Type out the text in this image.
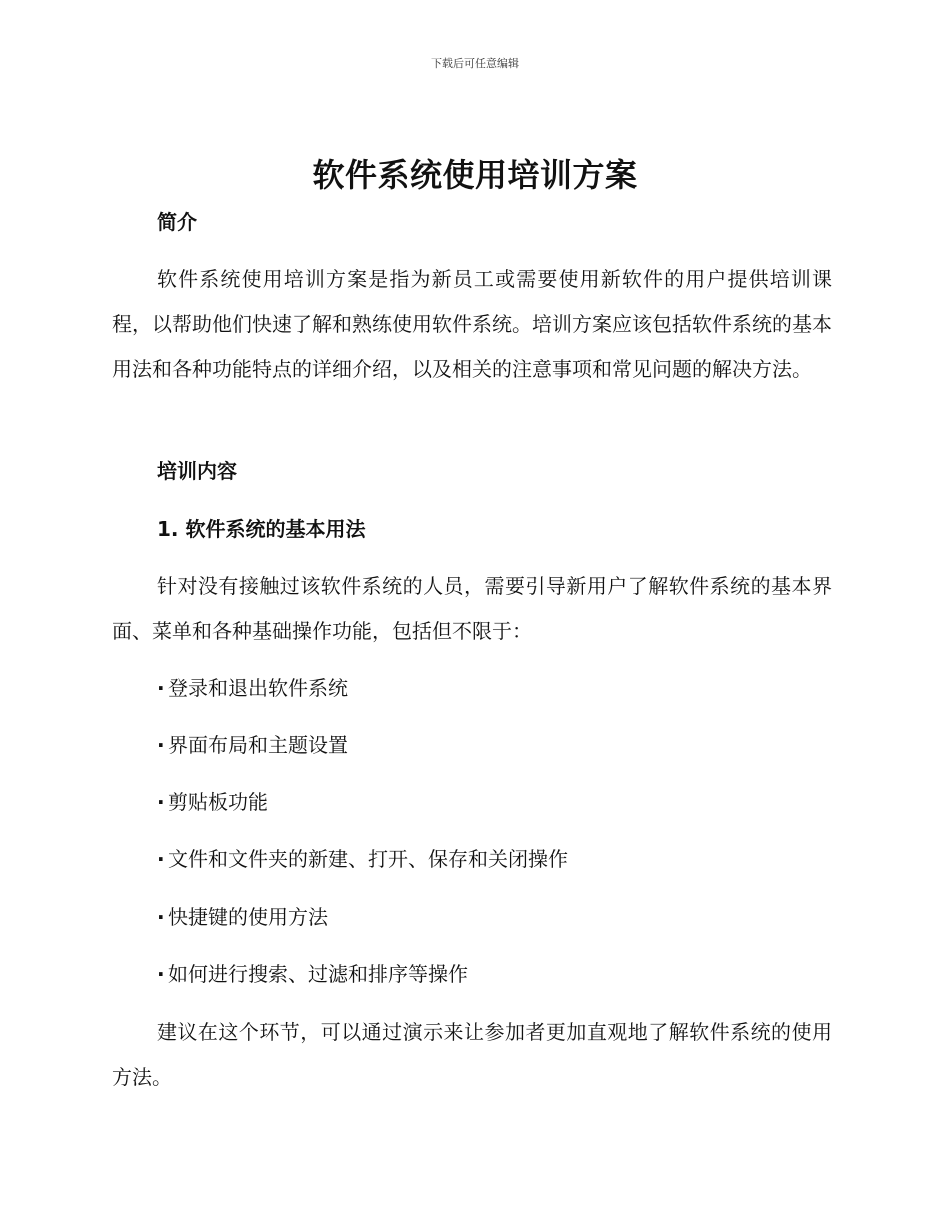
下载后可任意编辑
软件系统使用培训方案
简介

软件系统使用培训方案是指为新员工或需要使用新软件的用户提供培训课程，以帮助他们快速了解和熟练使用软件系统。培训方案应该包括软件系统的基本用法和各种功能特点的详细介绍，以及相关的注意事项和常见问题的解决方法。

培训内容
1. 软件系统的基本用法

针对没有接触过该软件系统的人员，需要引导新用户了解软件系统的基本界面、菜单和各种基础操作功能，包括但不限于：

· 登录和退出软件系统
· 界面布局和主题设置
· 剪贴板功能
· 文件和文件夹的新建、打开、保存和关闭操作
· 快捷键的使用方法
· 如何进行搜索、过滤和排序等操作

建议在这个环节，可以通过演示来让参加者更加直观地了解软件系统的使用方法。
